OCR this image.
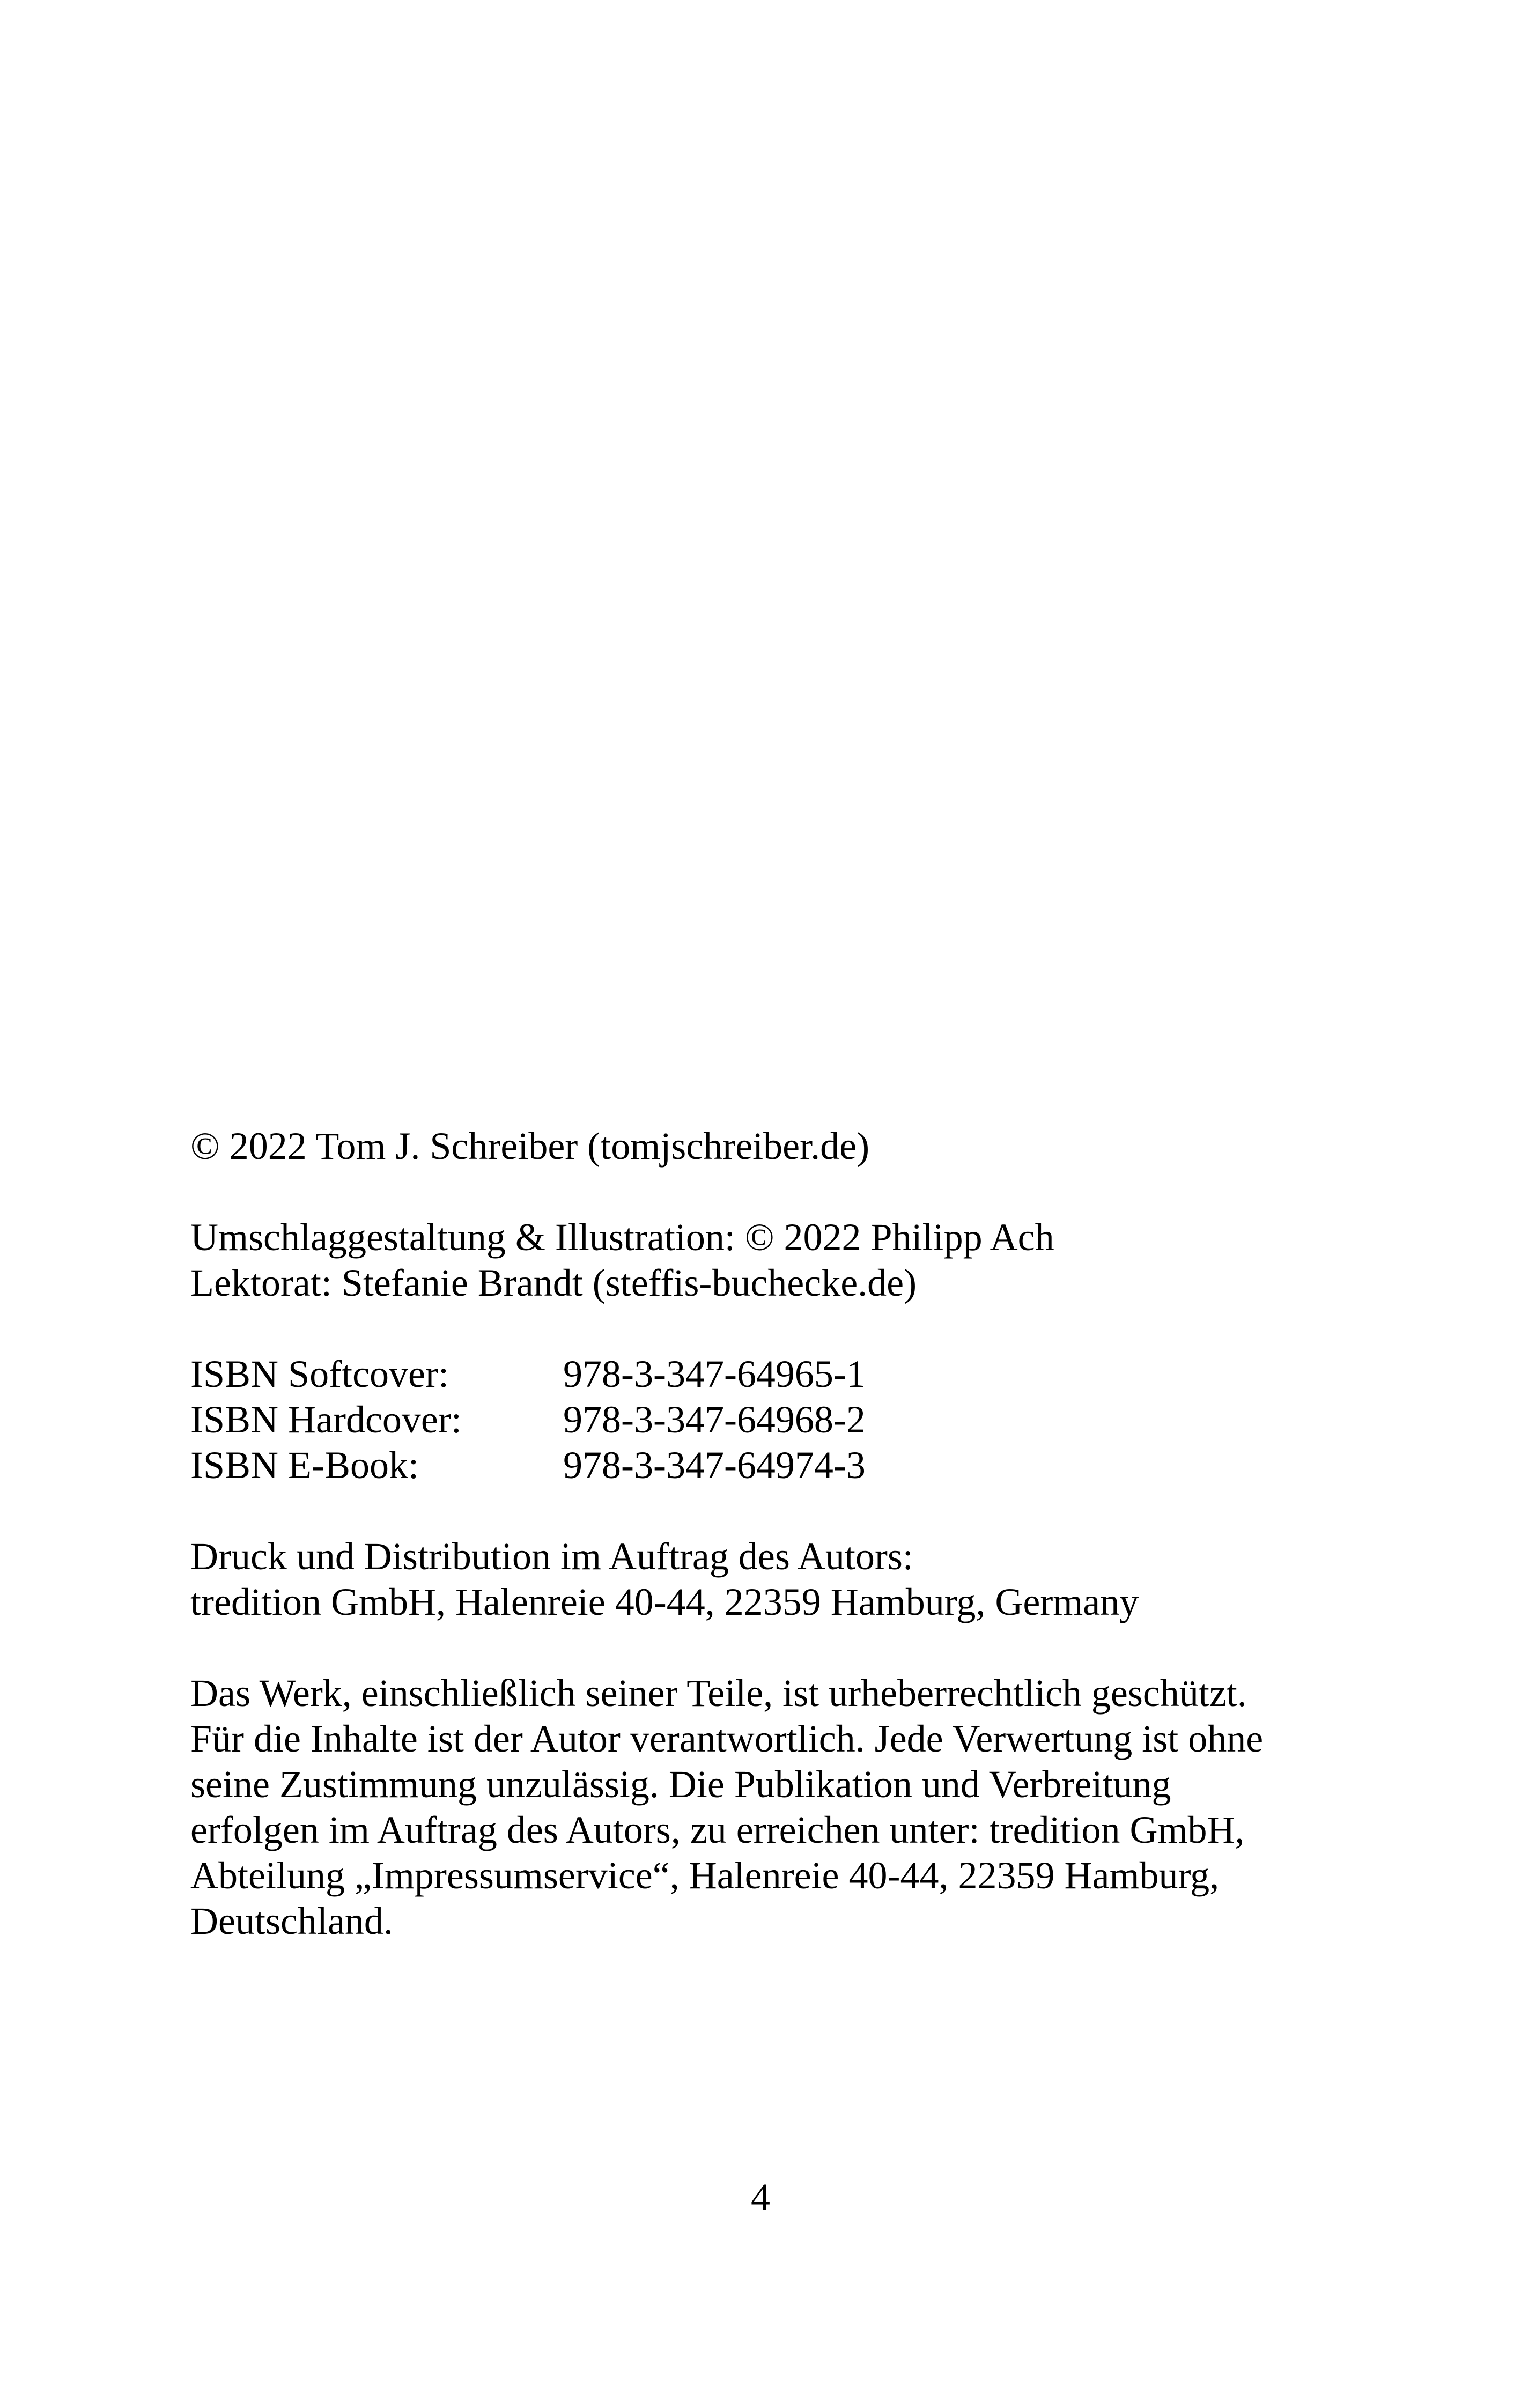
© 2022 Tom J. Schreiber (tomjschreiber.de)

Umschlaggestaltung & Illustration: © 2022 Philipp Ach

Lektorat: Stefanie Brandt (steffis-buchecke.de)

ISBN Softcover:	978-3-347-64965-1
ISBN Hardcover:	978-3-347-64968-2
ISBN E-Book:	978-3-347-64974-3

Druck und Distribution im Auftrag des Autors:

tredition GmbH, Halenreie 40-44, 22359 Hamburg, Germany

Das Werk, einschließlich seiner Teile, ist urheberrechtlich geschützt.

Für die Inhalte ist der Autor verantwortlich. Jede Verwertung ist ohne

seine Zustimmung unzulässig. Die Publikation und Verbreitung

erfolgen im Auftrag des Autors, zu erreichen unter: tredition GmbH,

Abteilung „Impressumservice“, Halenreie 40-44, 22359 Hamburg,

Deutschland.

4
